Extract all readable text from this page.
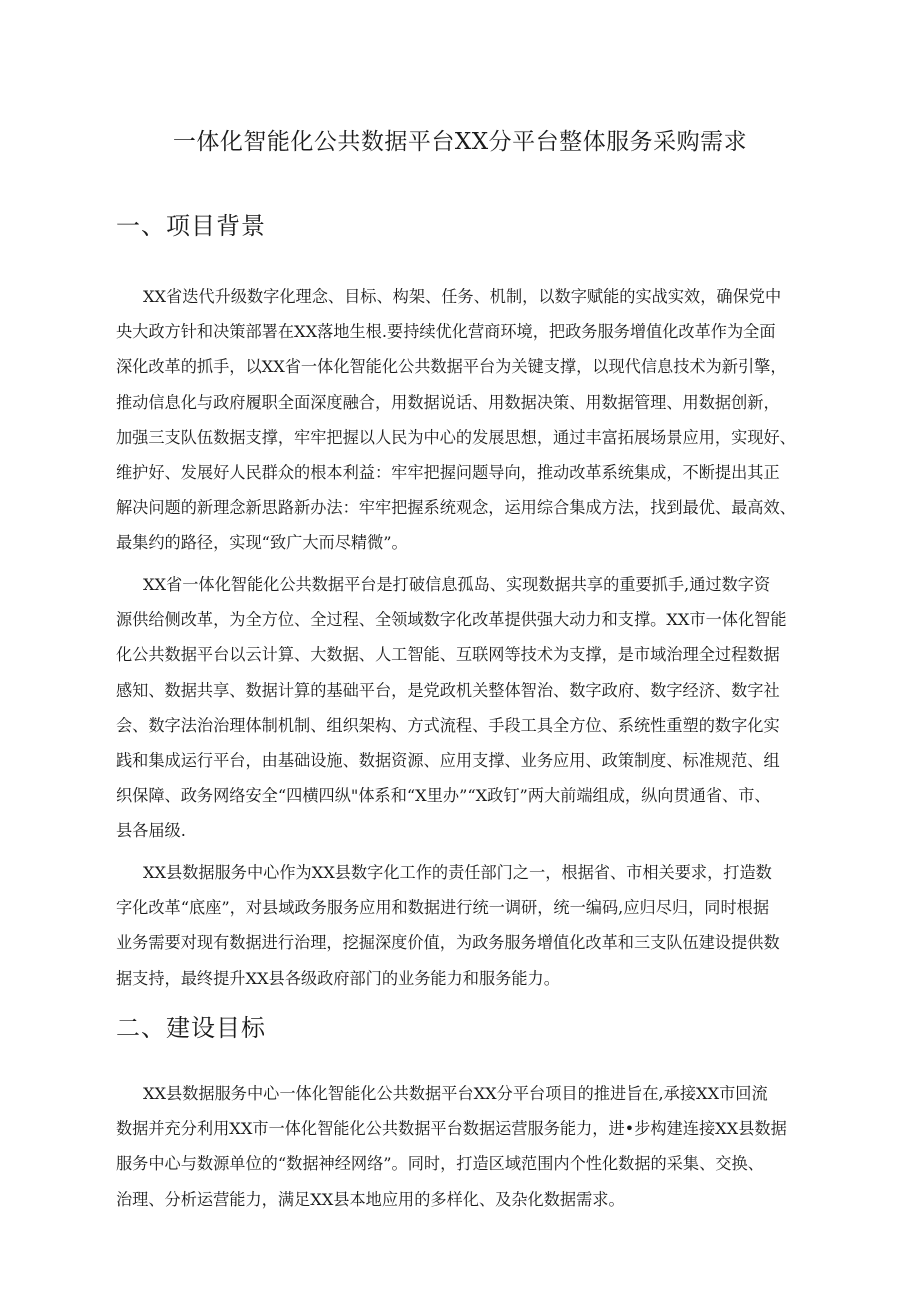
一体化智能化公共数据平台XX分平台整体服务采购需求
一、项目背景
XX省迭代升级数字化理念、目标、构架、任务、机制，以数字赋能的实战实效，确保党中
央大政方针和决策部署在XX落地生根.要持续优化营商环境，把政务服务增值化改革作为全面
深化改革的抓手，以XX省一体化智能化公共数据平台为关键支撑，以现代信息技术为新引擎，
推动信息化与政府履职全面深度融合，用数据说话、用数据决策、用数据管理、用数据创新，
加强三支队伍数据支撑，牢牢把握以人民为中心的发展思想，通过丰富拓展场景应用，实现好、
维护好、发展好人民群众的根本利益：牢牢把握问题导向，推动改革系统集成，不断提出其正
解决问题的新理念新思路新办法：牢牢把握系统观念，运用综合集成方法，找到最优、最高效、
最集约的路径，实现“致广大而尽精微”。
XX省一体化智能化公共数据平台是打破信息孤岛、实现数据共享的重要抓手,通过数字资
源供给侧改革，为全方位、全过程、全领域数字化改革提供强大动力和支撑。XX市一体化智能
化公共数据平台以云计算、大数据、人工智能、互联网等技术为支撑，是市域治理全过程数据
感知、数据共享、数据计算的基础平台，是党政机关整体智治、数字政府、数字经济、数字社
会、数字法治治理体制机制、组织架构、方式流程、手段工具全方位、系统性重塑的数字化实
践和集成运行平台，由基础设施、数据资源、应用支撑、业务应用、政策制度、标准规范、组
织保障、政务网络安全“四横四纵"体系和“X里办”“X政钉”两大前端组成，纵向贯通省、市、
县各届级.
XX县数据服务中心作为XX县数字化工作的责任部门之一，根据省、市相关要求，打造数
字化改革“底座”，对县域政务服务应用和数据进行统一调研，统一编码,应归尽归，同时根据
业务需要对现有数据进行治理，挖掘深度价值，为政务服务增值化改革和三支队伍建设提供数
据支持，最终提升XX县各级政府部门的业务能力和服务能力。
二、建设目标
XX县数据服务中心一体化智能化公共数据平台XX分平台项目的推进旨在,承接XX市回流
数据并充分利用XX市一体化智能化公共数据平台数据运营服务能力，进•步构建连接XX县数据
服务中心与数源单位的“数据神经网络”。同时，打造区域范围内个性化数据的采集、交换、
治理、分析运营能力，满足XX县本地应用的多样化、及杂化数据需求。
